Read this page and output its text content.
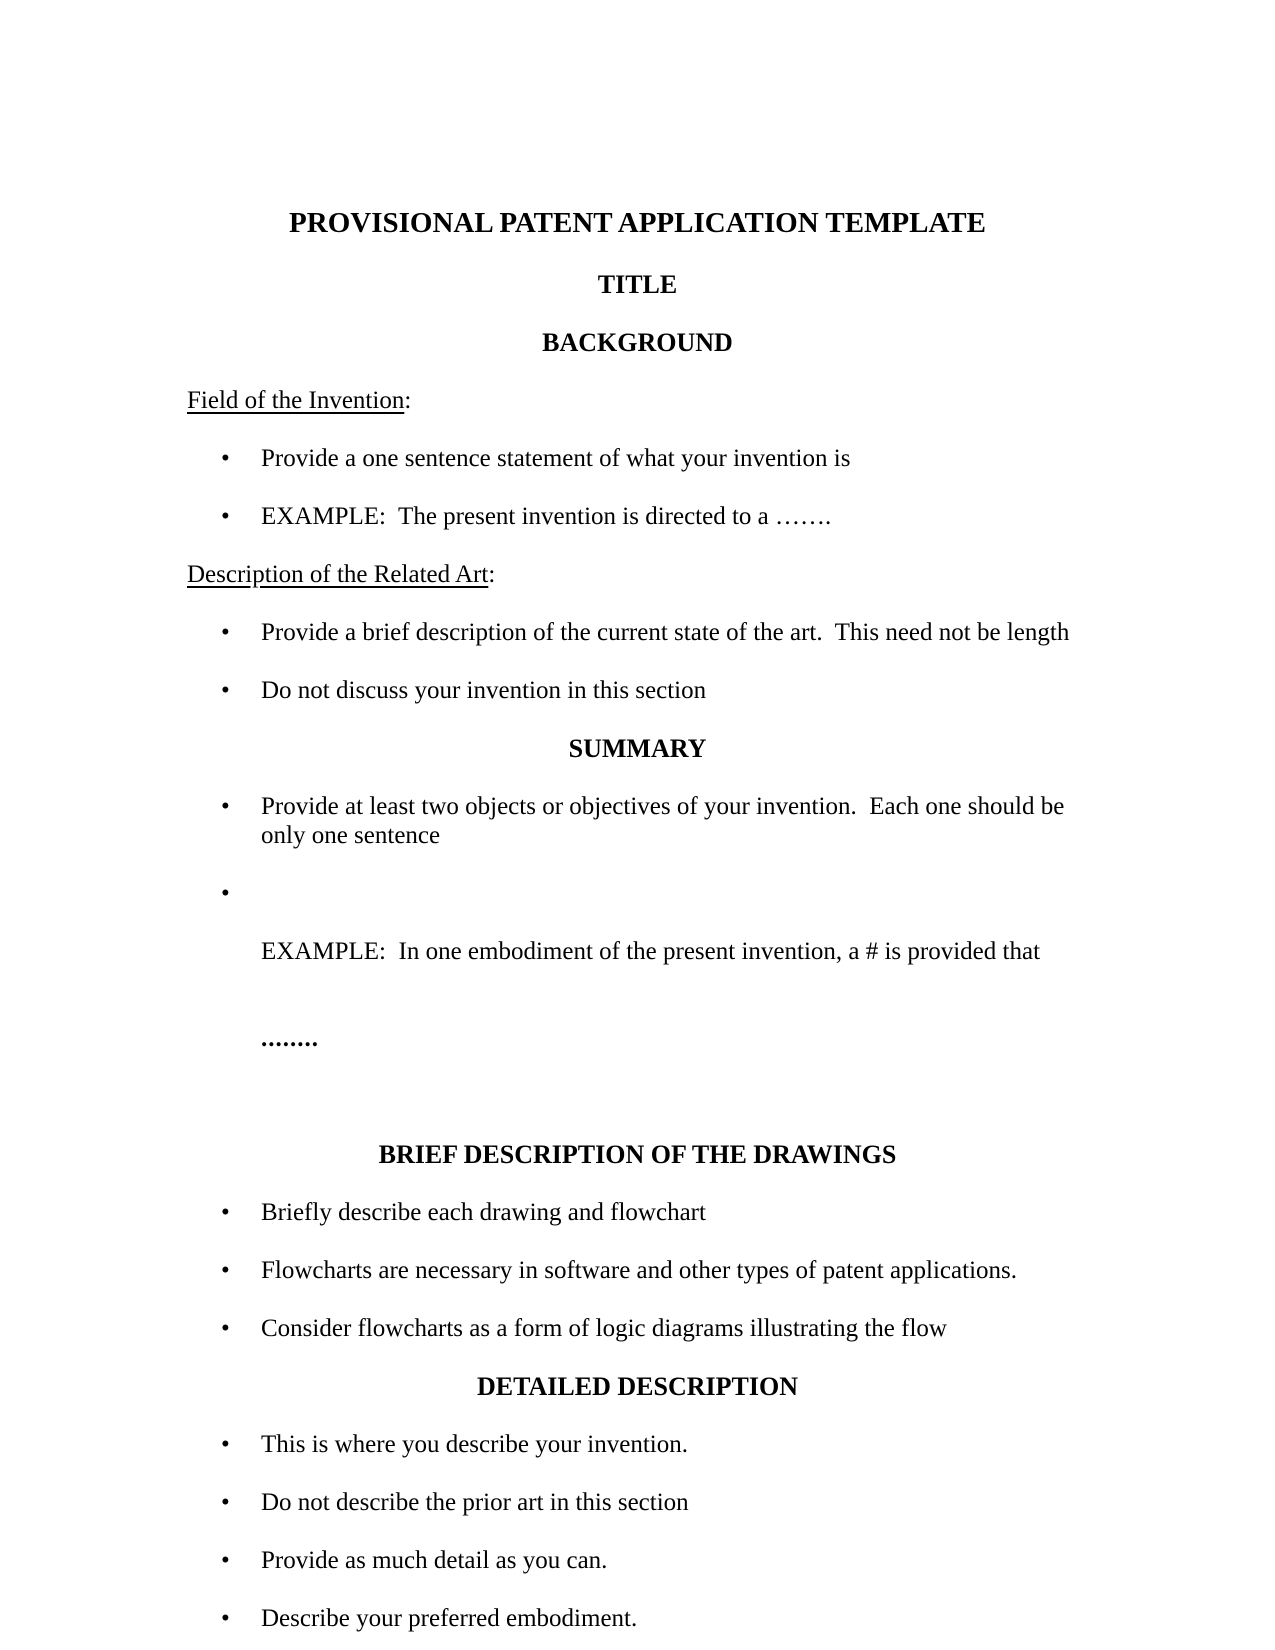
PROVISIONAL PATENT APPLICATION TEMPLATE
TITLE
BACKGROUND
Field of the Invention:
• Provide a one sentence statement of what your invention is
• EXAMPLE:  The present invention is directed to a …….
Description of the Related Art:
• Provide a brief description of the current state of the art.  This need not be length
• Do not discuss your invention in this section
SUMMARY
• Provide at least two objects or objectives of your invention.  Each one should be
only one sentence
•

EXAMPLE:  In one embodiment of the present invention, a # is provided that

........

BRIEF DESCRIPTION OF THE DRAWINGS
• Briefly describe each drawing and flowchart
• Flowcharts are necessary in software and other types of patent applications.
• Consider flowcharts as a form of logic diagrams illustrating the flow
DETAILED DESCRIPTION
• This is where you describe your invention.
• Do not describe the prior art in this section
• Provide as much detail as you can.
• Describe your preferred embodiment.
